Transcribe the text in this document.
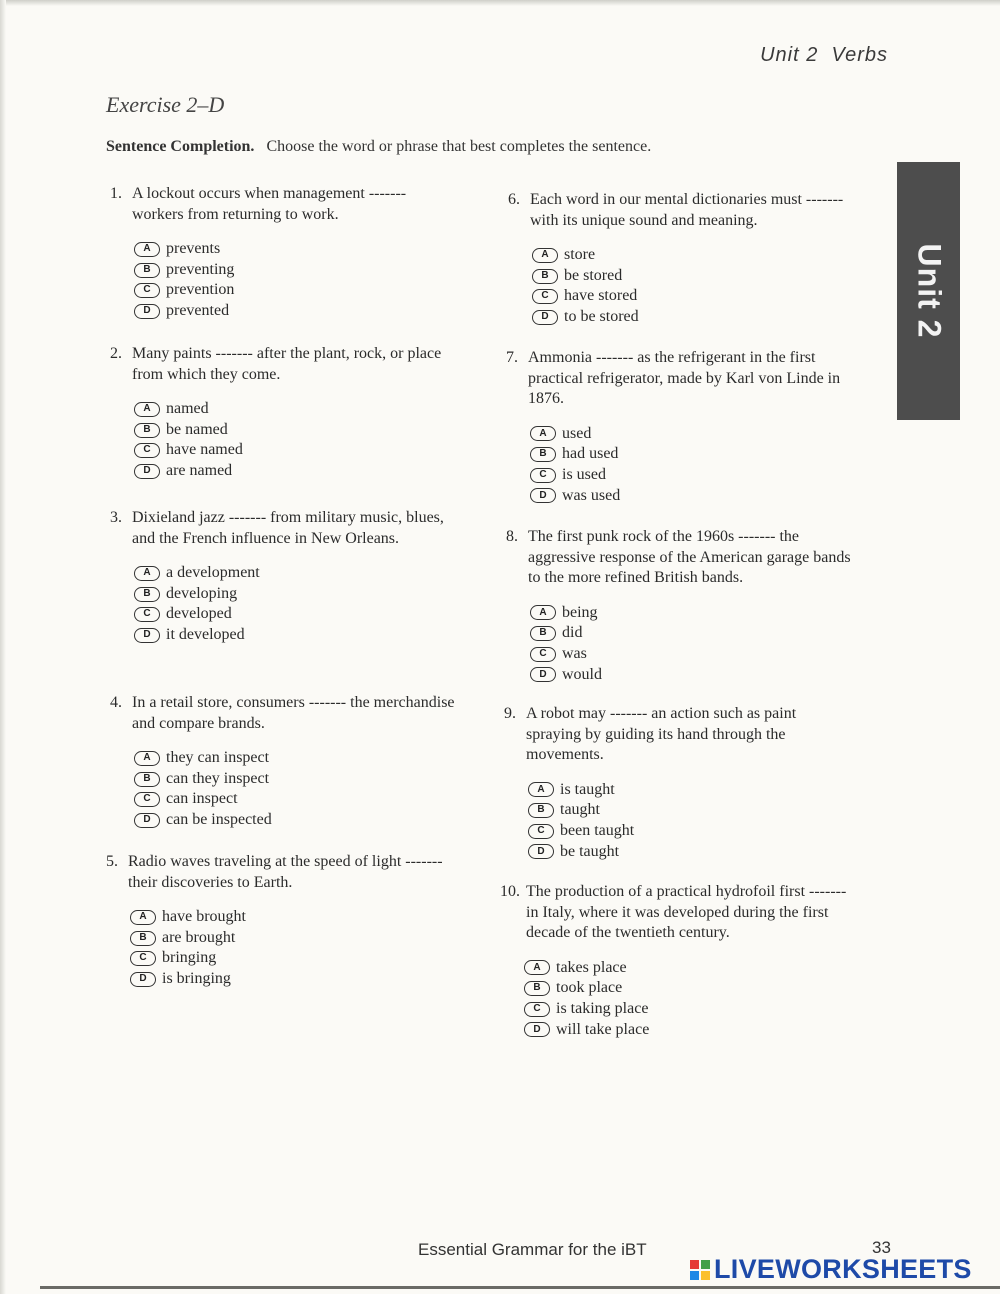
Unit 2 Verbs
Exercise 2–D
Sentence Completion. Choose the word or phrase that best completes the sentence.
Unit 2
1. A lockout occurs when management ------- workers from returning to work.
A prevents
B preventing
C prevention
D prevented
2. Many paints ------- after the plant, rock, or place from which they come.
A named
B be named
C have named
D are named
3. Dixieland jazz ------- from military music, blues, and the French influence in New Orleans.
A a development
B developing
C developed
D it developed
4. In a retail store, consumers ------- the merchandise and compare brands.
A they can inspect
B can they inspect
C can inspect
D can be inspected
5. Radio waves traveling at the speed of light ------- their discoveries to Earth.
A have brought
B are brought
C bringing
D is bringing
6. Each word in our mental dictionaries must ------- with its unique sound and meaning.
A store
B be stored
C have stored
D to be stored
7. Ammonia ------- as the refrigerant in the first practical refrigerator, made by Karl von Linde in 1876.
A used
B had used
C is used
D was used
8. The first punk rock of the 1960s ------- the aggressive response of the American garage bands to the more refined British bands.
A being
B did
C was
D would
9. A robot may ------- an action such as paint spraying by guiding its hand through the movements.
A is taught
B taught
C been taught
D be taught
10. The production of a practical hydrofoil first ------- in Italy, where it was developed during the first decade of the twentieth century.
A takes place
B took place
C is taking place
D will take place
Essential Grammar for the iBT	33
LIVEWORKSHEETS
